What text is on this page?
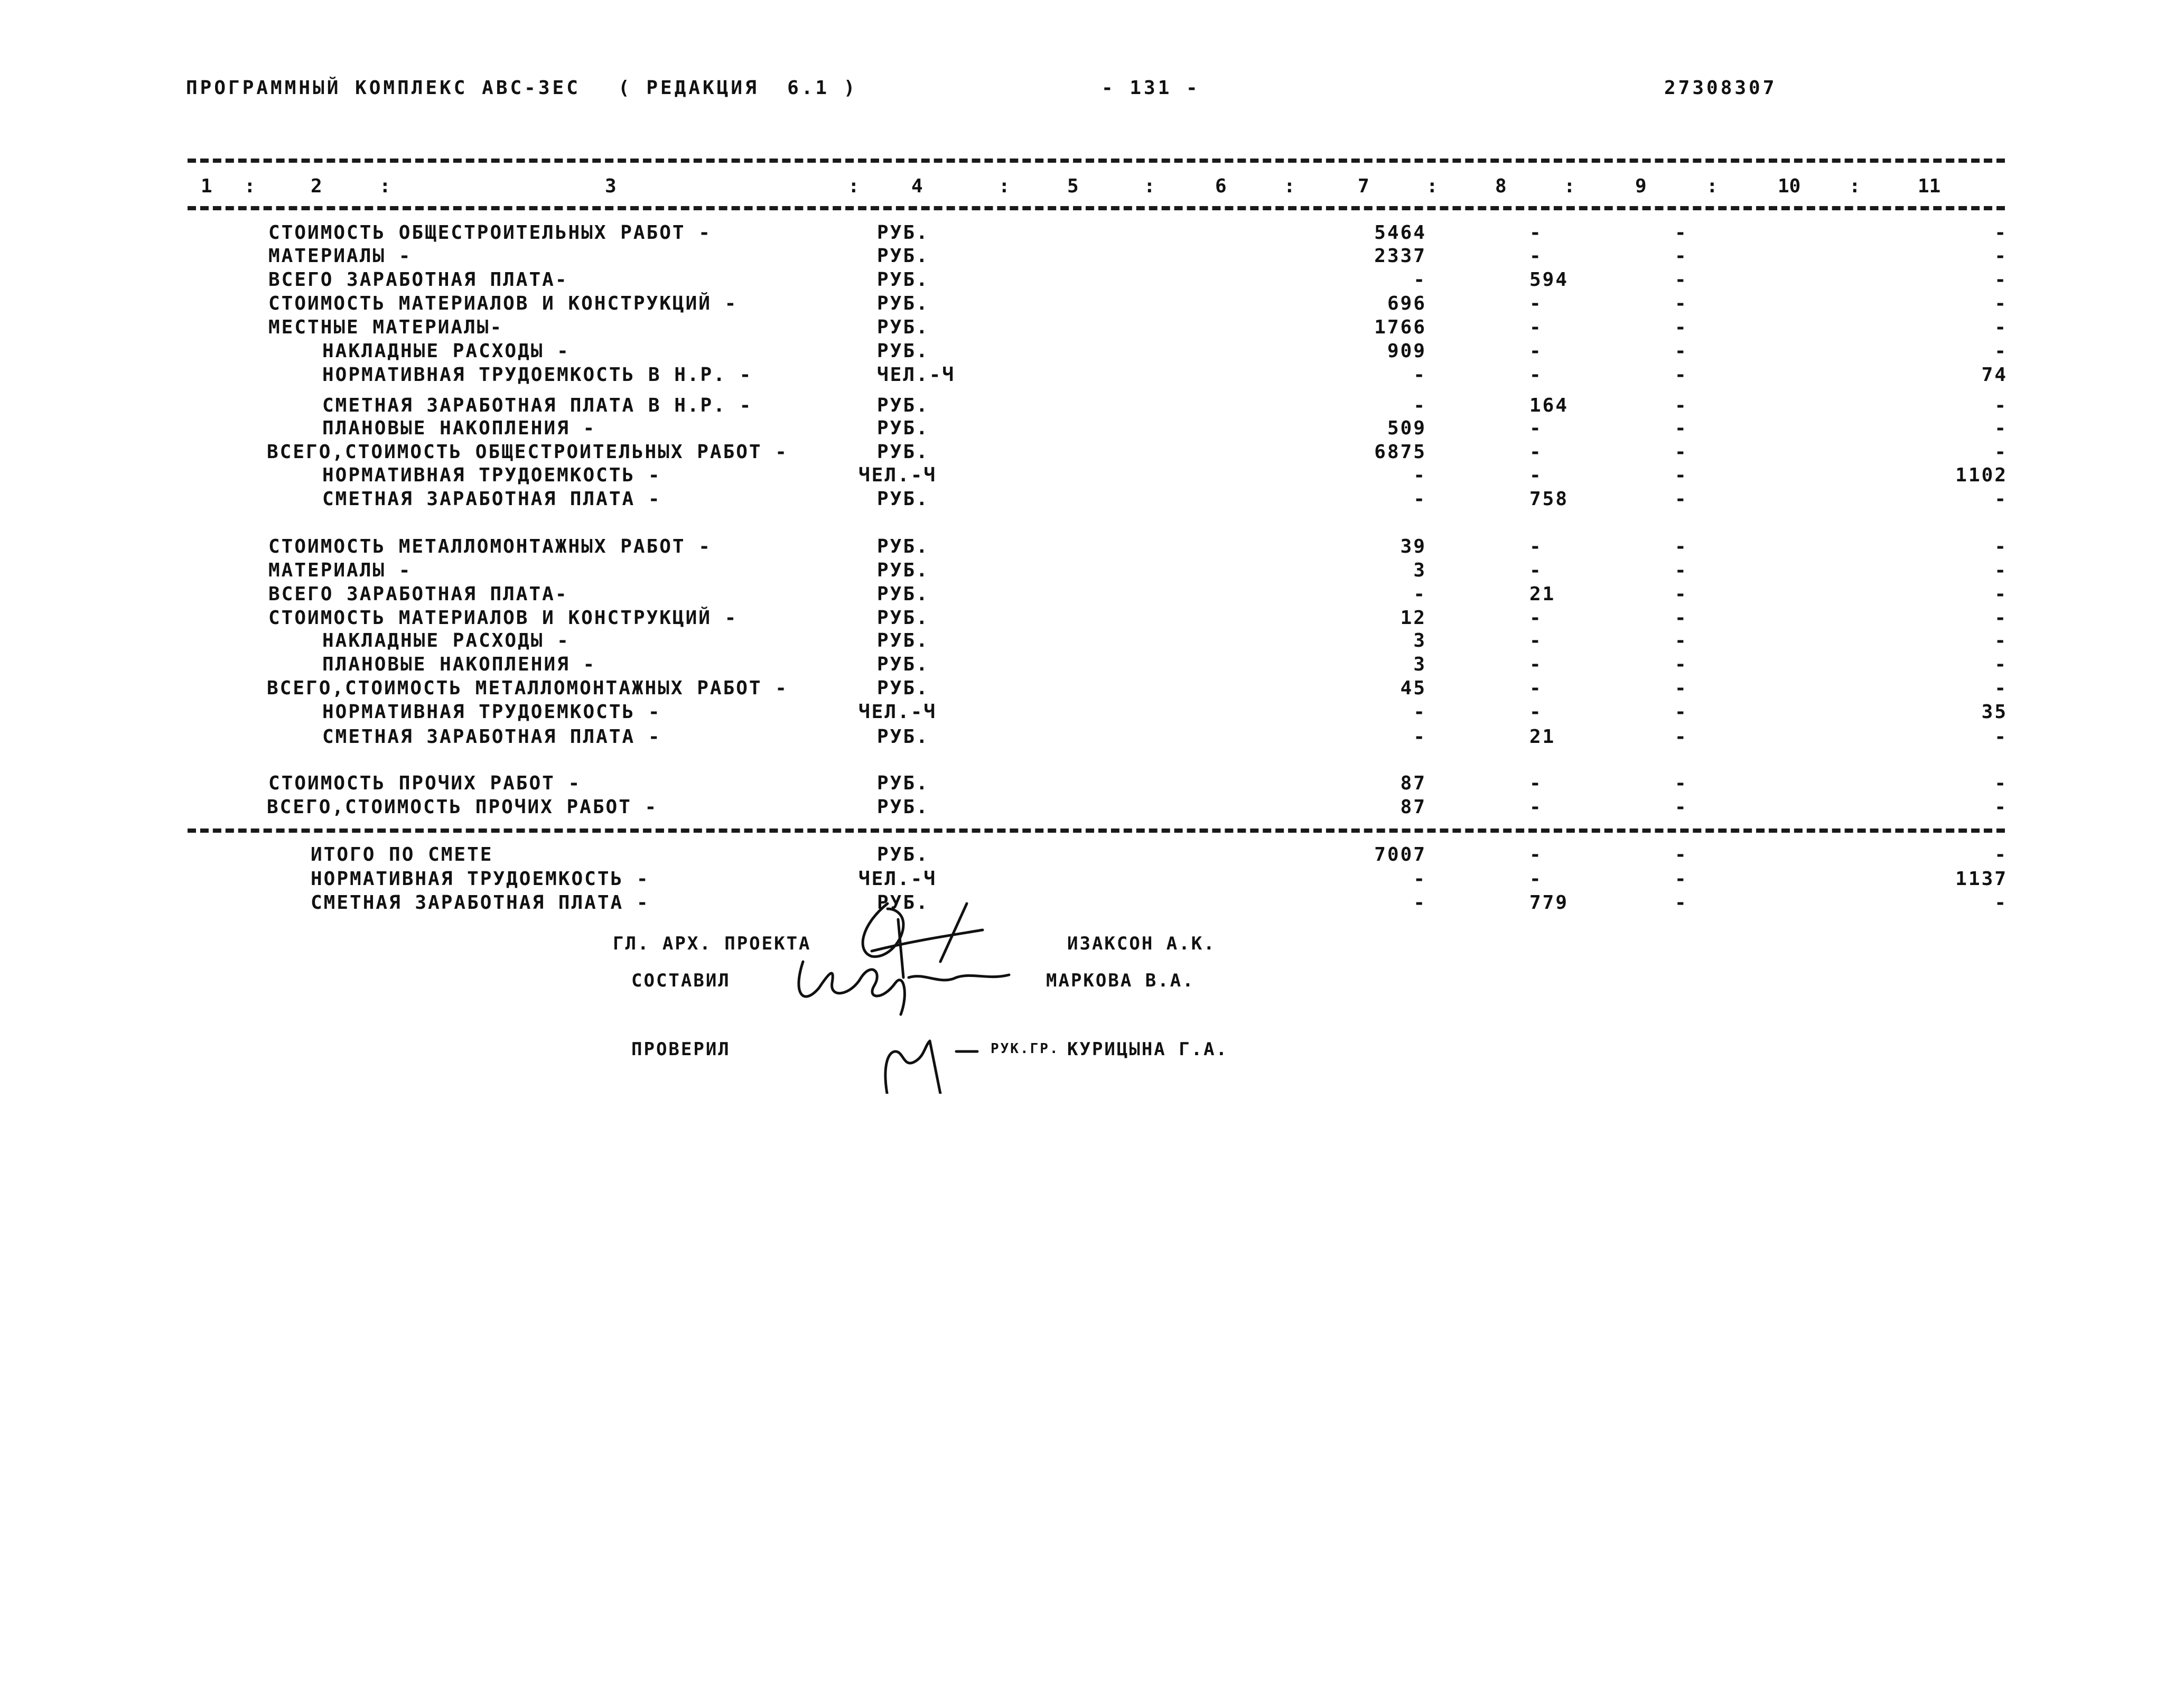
ПРОГРАММНЫЙ КОМПЛЕКС АВС-3ЕС ( РЕДАКЦИЯ  6.1 )	- 131 -	27308307
1	2	3	4	5	6	7	8	9	10	11
:	:	:	:	:	:	:	:	:	:
СТОИМОСТЬ ОБЩЕСТРОИТЕЛЬНЫХ РАБОТ -	РУБ.	5464	-	-	-
МАТЕРИАЛЫ -	РУБ.	2337	-	-	-
ВСЕГО ЗАРАБОТНАЯ ПЛАТА-	РУБ.	-	594	-	-
СТОИМОСТЬ МАТЕРИАЛОВ И КОНСТРУКЦИЙ -	РУБ.	696	-	-	-
МЕСТНЫЕ МАТЕРИАЛЫ-	РУБ.	1766	-	-	-
НАКЛАДНЫЕ РАСХОДЫ -	РУБ.	909	-	-	-
НОРМАТИВНАЯ ТРУДОЕМКОСТЬ В Н.Р. -	ЧЕЛ.-Ч	-	-	-	74
СМЕТНАЯ ЗАРАБОТНАЯ ПЛАТА В Н.Р. -	РУБ.	-	164	-	-
ПЛАНОВЫЕ НАКОПЛЕНИЯ -	РУБ.	509	-	-	-
ВСЕГО,СТОИМОСТЬ ОБЩЕСТРОИТЕЛЬНЫХ РАБОТ -	РУБ.	6875	-	-	-
НОРМАТИВНАЯ ТРУДОЕМКОСТЬ -	ЧЕЛ.-Ч	-	-	-	1102
СМЕТНАЯ ЗАРАБОТНАЯ ПЛАТА -	РУБ.	-	758	-	-
СТОИМОСТЬ МЕТАЛЛОМОНТАЖНЫХ РАБОТ -	РУБ.	39	-	-	-
МАТЕРИАЛЫ -	РУБ.	3	-	-	-
ВСЕГО ЗАРАБОТНАЯ ПЛАТА-	РУБ.	-	21	-	-
СТОИМОСТЬ МАТЕРИАЛОВ И КОНСТРУКЦИЙ -	РУБ.	12	-	-	-
НАКЛАДНЫЕ РАСХОДЫ -	РУБ.	3	-	-	-
ПЛАНОВЫЕ НАКОПЛЕНИЯ -	РУБ.	3	-	-	-
ВСЕГО,СТОИМОСТЬ МЕТАЛЛОМОНТАЖНЫХ РАБОТ -	РУБ.	45	-	-	-
НОРМАТИВНАЯ ТРУДОЕМКОСТЬ -	ЧЕЛ.-Ч	-	-	-	35
СМЕТНАЯ ЗАРАБОТНАЯ ПЛАТА -	РУБ.	-	21	-	-
СТОИМОСТЬ ПРОЧИХ РАБОТ -	РУБ.	87	-	-	-
ВСЕГО,СТОИМОСТЬ ПРОЧИХ РАБОТ -	РУБ.	87	-	-	-
ИТОГО ПО СМЕТЕ	РУБ.	7007	-	-	-
НОРМАТИВНАЯ ТРУДОЕМКОСТЬ -	ЧЕЛ.-Ч	-	-	-	1137
СМЕТНАЯ ЗАРАБОТНАЯ ПЛАТА -	РУБ.	-	779	-	-
ГЛ. АРХ. ПРОЕКТА	ИЗАКСОН А.К.
СОСТАВИЛ	МАРКОВА В.А.
ПРОВЕРИЛ	РУК.ГР. КУРИЦЫНА Г.А.
